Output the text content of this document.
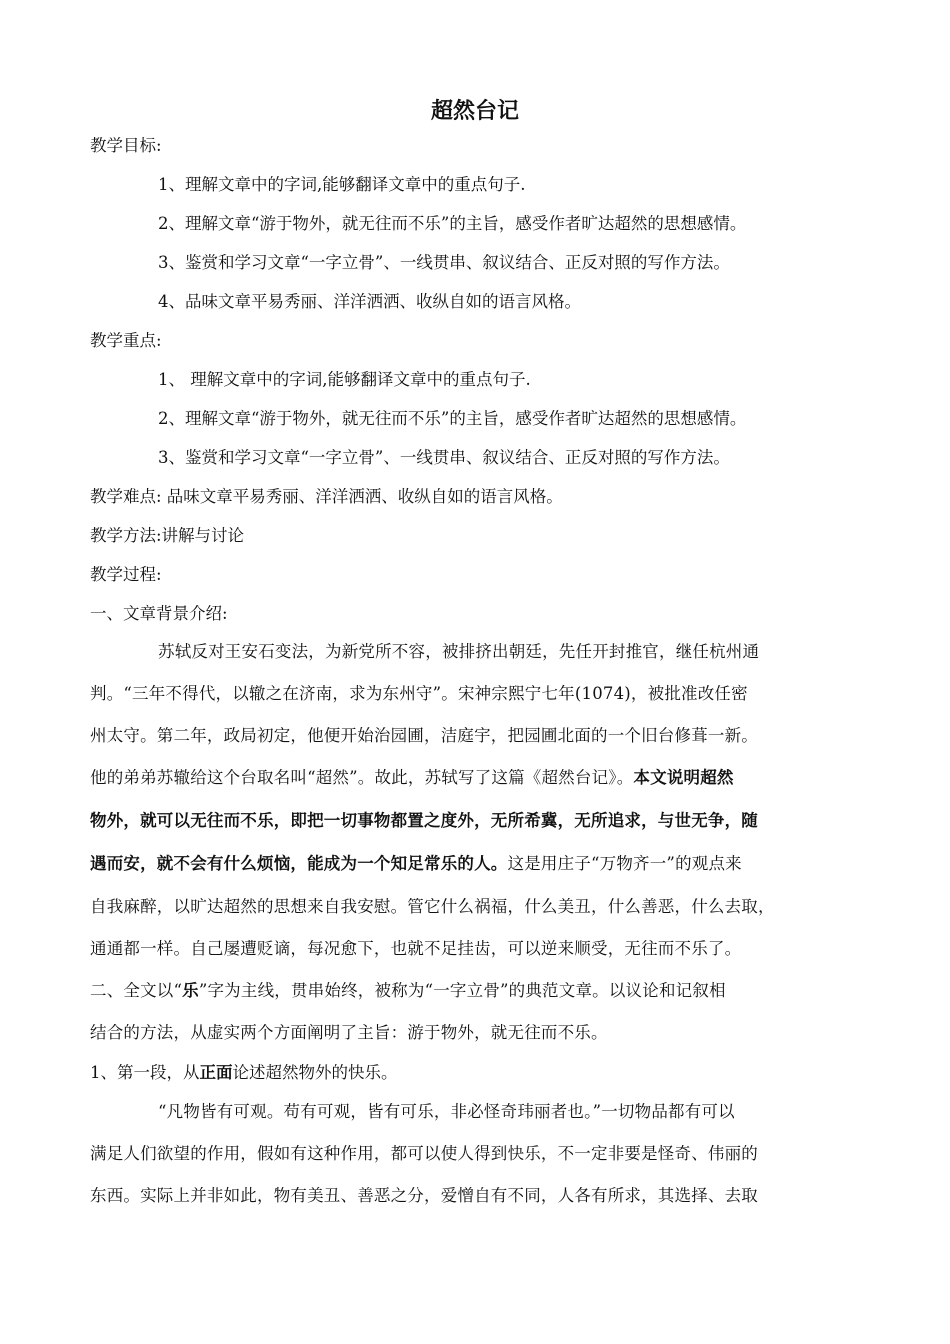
超然台记
教学目标:
1、理解文章中的字词,能够翻译文章中的重点句子.
2、理解文章“游于物外，就无往而不乐”的主旨，感受作者旷达超然的思想感情。
3、鉴赏和学习文章“一字立骨”、一线贯串、叙议结合、正反对照的写作方法。
4、品味文章平易秀丽、洋洋洒洒、收纵自如的语言风格。
教学重点:
1、 理解文章中的字词,能够翻译文章中的重点句子.
2、理解文章“游于物外，就无往而不乐”的主旨，感受作者旷达超然的思想感情。
3、鉴赏和学习文章“一字立骨”、一线贯串、叙议结合、正反对照的写作方法。
教学难点: 品味文章平易秀丽、洋洋洒洒、收纵自如的语言风格。
教学方法:讲解与讨论
教学过程:
一、文章背景介绍:
苏轼反对王安石变法，为新党所不容，被排挤出朝廷，先任开封推官，继任杭州通
判。“三年不得代，以辙之在济南，求为东州守”。宋神宗熙宁七年(1074)，被批准改任密
州太守。第二年，政局初定，他便开始治园圃，洁庭宇，把园圃北面的一个旧台修葺一新。
他的弟弟苏辙给这个台取名叫“超然”。故此，苏轼写了这篇《超然台记》。本文说明超然
物外，就可以无往而不乐，即把一切事物都置之度外，无所希冀，无所追求，与世无争，随
遇而安，就不会有什么烦恼，能成为一个知足常乐的人。这是用庄子“万物齐一”的观点来
自我麻醉，以旷达超然的思想来自我安慰。管它什么祸福，什么美丑，什么善恶，什么去取，
通通都一样。自己屡遭贬谪，每况愈下，也就不足挂齿，可以逆来顺受，无往而不乐了。
二、全文以“乐”字为主线，贯串始终，被称为“一字立骨”的典范文章。以议论和记叙相
结合的方法，从虚实两个方面阐明了主旨：游于物外，就无往而不乐。
1、第一段，从正面论述超然物外的快乐。
“凡物皆有可观。苟有可观，皆有可乐，非必怪奇玮丽者也。”一切物品都有可以
满足人们欲望的作用，假如有这种作用，都可以使人得到快乐，不一定非要是怪奇、伟丽的
东西。实际上并非如此，物有美丑、善恶之分，爱憎自有不同，人各有所求，其选择、去取
